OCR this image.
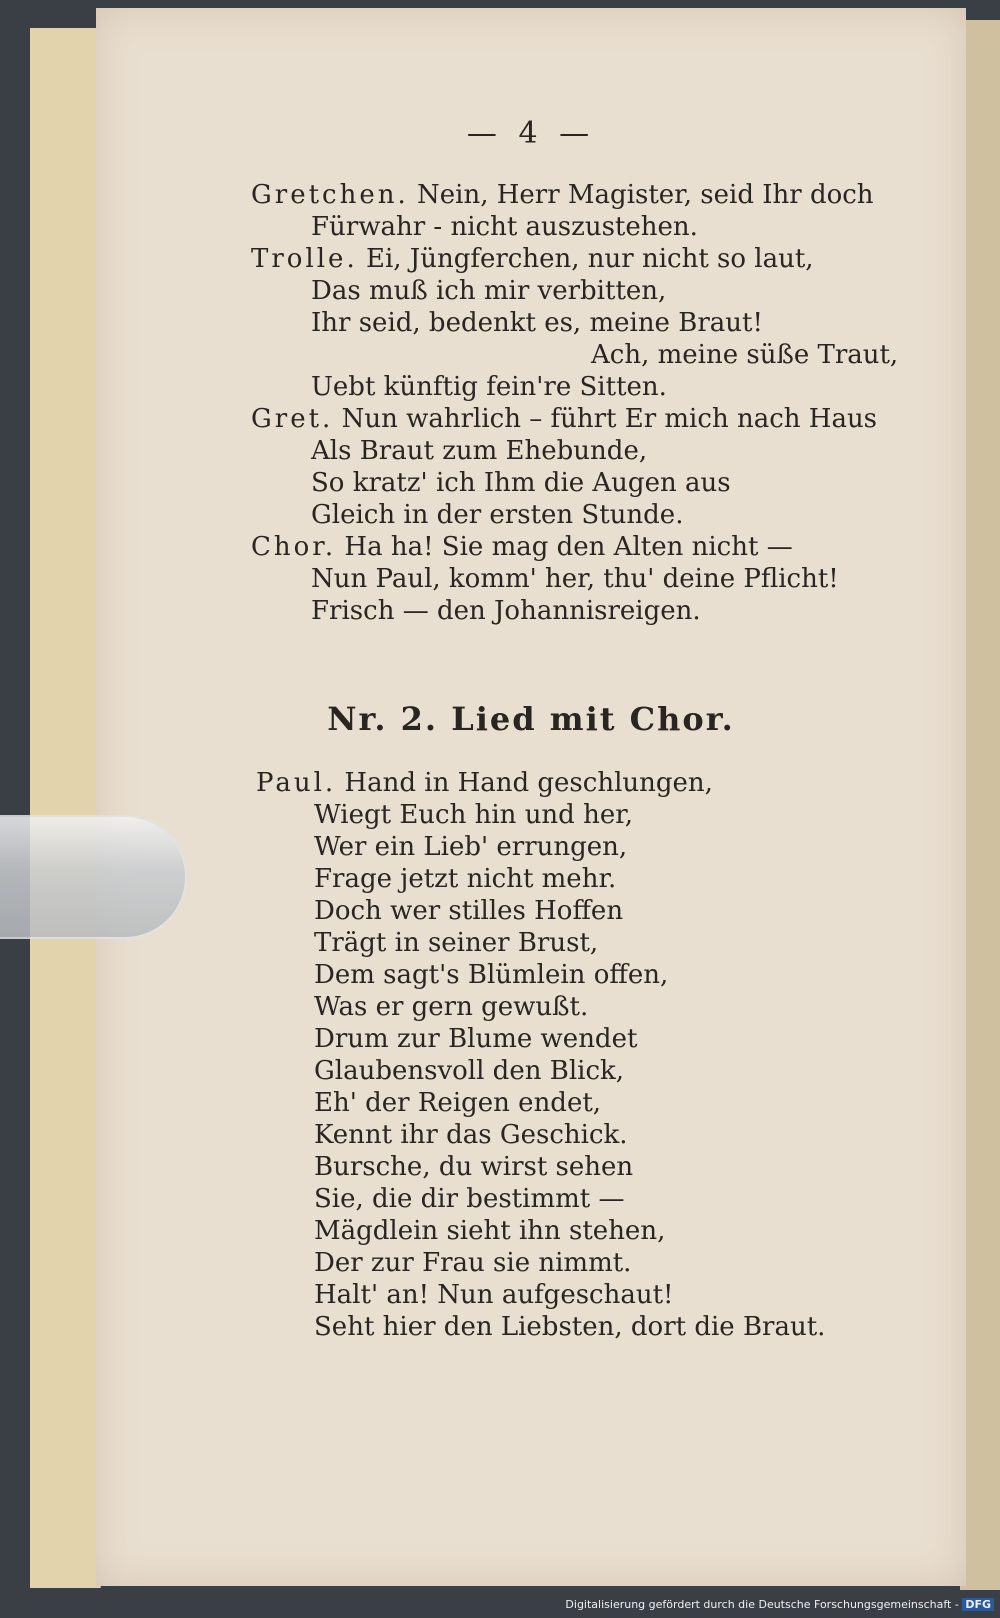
— 4 —
Gretchen. Nein, Herr Magister, seid Ihr doch
Fürwahr - nicht auszustehen.
Trolle. Ei, Jüngferchen, nur nicht so laut,
Das muß ich mir verbitten,
Ihr seid, bedenkt es, meine Braut!
Ach, meine süße Traut,
Uebt künftig fein're Sitten.
Gret. Nun wahrlich – führt Er mich nach Haus
Als Braut zum Ehebunde,
So kratz' ich Ihm die Augen aus
Gleich in der ersten Stunde.
Chor. Ha ha! Sie mag den Alten nicht —
Nun Paul, komm' her, thu' deine Pflicht!
Frisch — den Johannisreigen.
Nr. 2. Lied mit Chor.
Paul. Hand in Hand geschlungen,
Wiegt Euch hin und her,
Wer ein Lieb' errungen,
Frage jetzt nicht mehr.
Doch wer stilles Hoffen
Trägt in seiner Brust,
Dem sagt's Blümlein offen,
Was er gern gewußt.
Drum zur Blume wendet
Glaubensvoll den Blick,
Eh' der Reigen endet,
Kennt ihr das Geschick.
Bursche, du wirst sehen
Sie, die dir bestimmt —
Mägdlein sieht ihn stehen,
Der zur Frau sie nimmt.
Halt' an! Nun aufgeschaut!
Seht hier den Liebsten, dort die Braut.
Digitalisierung gefördert durch die Deutsche Forschungsgemeinschaft - DFG
